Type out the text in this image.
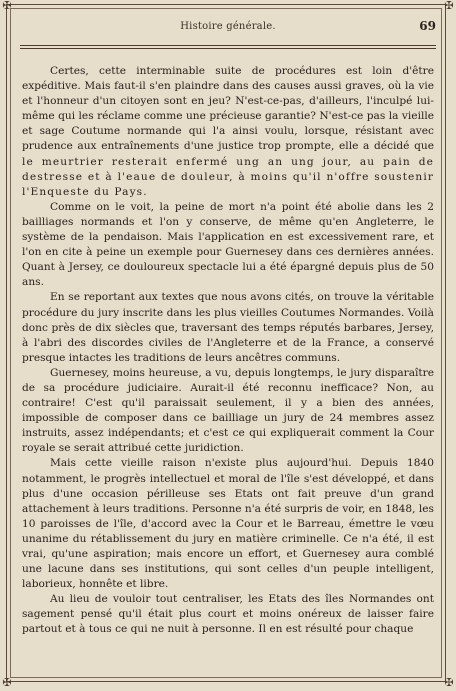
✠	✠
✠	✠
Histoire générale.	69

Certes, cette interminable suite de procédures est loin d'être expéditive. Mais faut-il s'en plaindre dans des causes aussi graves, où la vie et l'honneur d'un citoyen sont en jeu? N'est-ce-pas, d'ailleurs, l'inculpé lui-même qui les réclame comme une précieuse garantie? N'est-ce pas la vieille et sage Coutume normande qui l'a ainsi voulu, lorsque, résistant avec prudence aux entraînements d'une justice trop prompte, elle a décidé que le meurtrier resterait enfermé ung an ung jour, au pain de destresse et à l'eaue de douleur, à moins qu'il n'offre soustenir l'Enqueste du Pays.

Comme on le voit, la peine de mort n'a point été abolie dans les 2 bailliages normands et l'on y conserve, de même qu'en Angleterre, le système de la pendaison. Mais l'application en est excessivement rare, et l'on en cite à peine un exemple pour Guernesey dans ces dernières années. Quant à Jersey, ce douloureux spectacle lui a été épargné depuis plus de 50 ans.

En se reportant aux textes que nous avons cités, on trouve la véritable procédure du jury inscrite dans les plus vieilles Coutumes Normandes. Voilà donc près de dix siècles que, traversant des temps réputés barbares, Jersey, à l'abri des discordes civiles de l'Angleterre et de la France, a conservé presque intactes les traditions de leurs ancêtres communs.

Guernesey, moins heureuse, a vu, depuis longtemps, le jury disparaître de sa procédure judiciaire. Aurait-il été reconnu inefficace? Non, au contraire! C'est qu'il paraissait seulement, il y a bien des années, impossible de composer dans ce bailliage un jury de 24 membres assez instruits, assez indépendants; et c'est ce qui expliquerait comment la Cour royale se serait attribué cette juridiction.

Mais cette vieille raison n'existe plus aujourd'hui. Depuis 1840 notamment, le progrès intellectuel et moral de l'île s'est développé, et dans plus d'une occasion périlleuse ses Etats ont fait preuve d'un grand attachement à leurs traditions. Personne n'a été surpris de voir, en 1848, les 10 paroisses de l'île, d'accord avec la Cour et le Barreau, émettre le vœu unanime du rétablissement du jury en matière criminelle. Ce n'a été, il est vrai, qu'une aspiration; mais encore un effort, et Guernesey aura comblé une lacune dans ses institutions, qui sont celles d'un peuple intelligent, laborieux, honnête et libre.

Au lieu de vouloir tout centraliser, les Etats des îles Normandes ont sagement pensé qu'il était plus court et moins onéreux de laisser faire partout et à tous ce qui ne nuit à personne. Il en est résulté pour chaque
